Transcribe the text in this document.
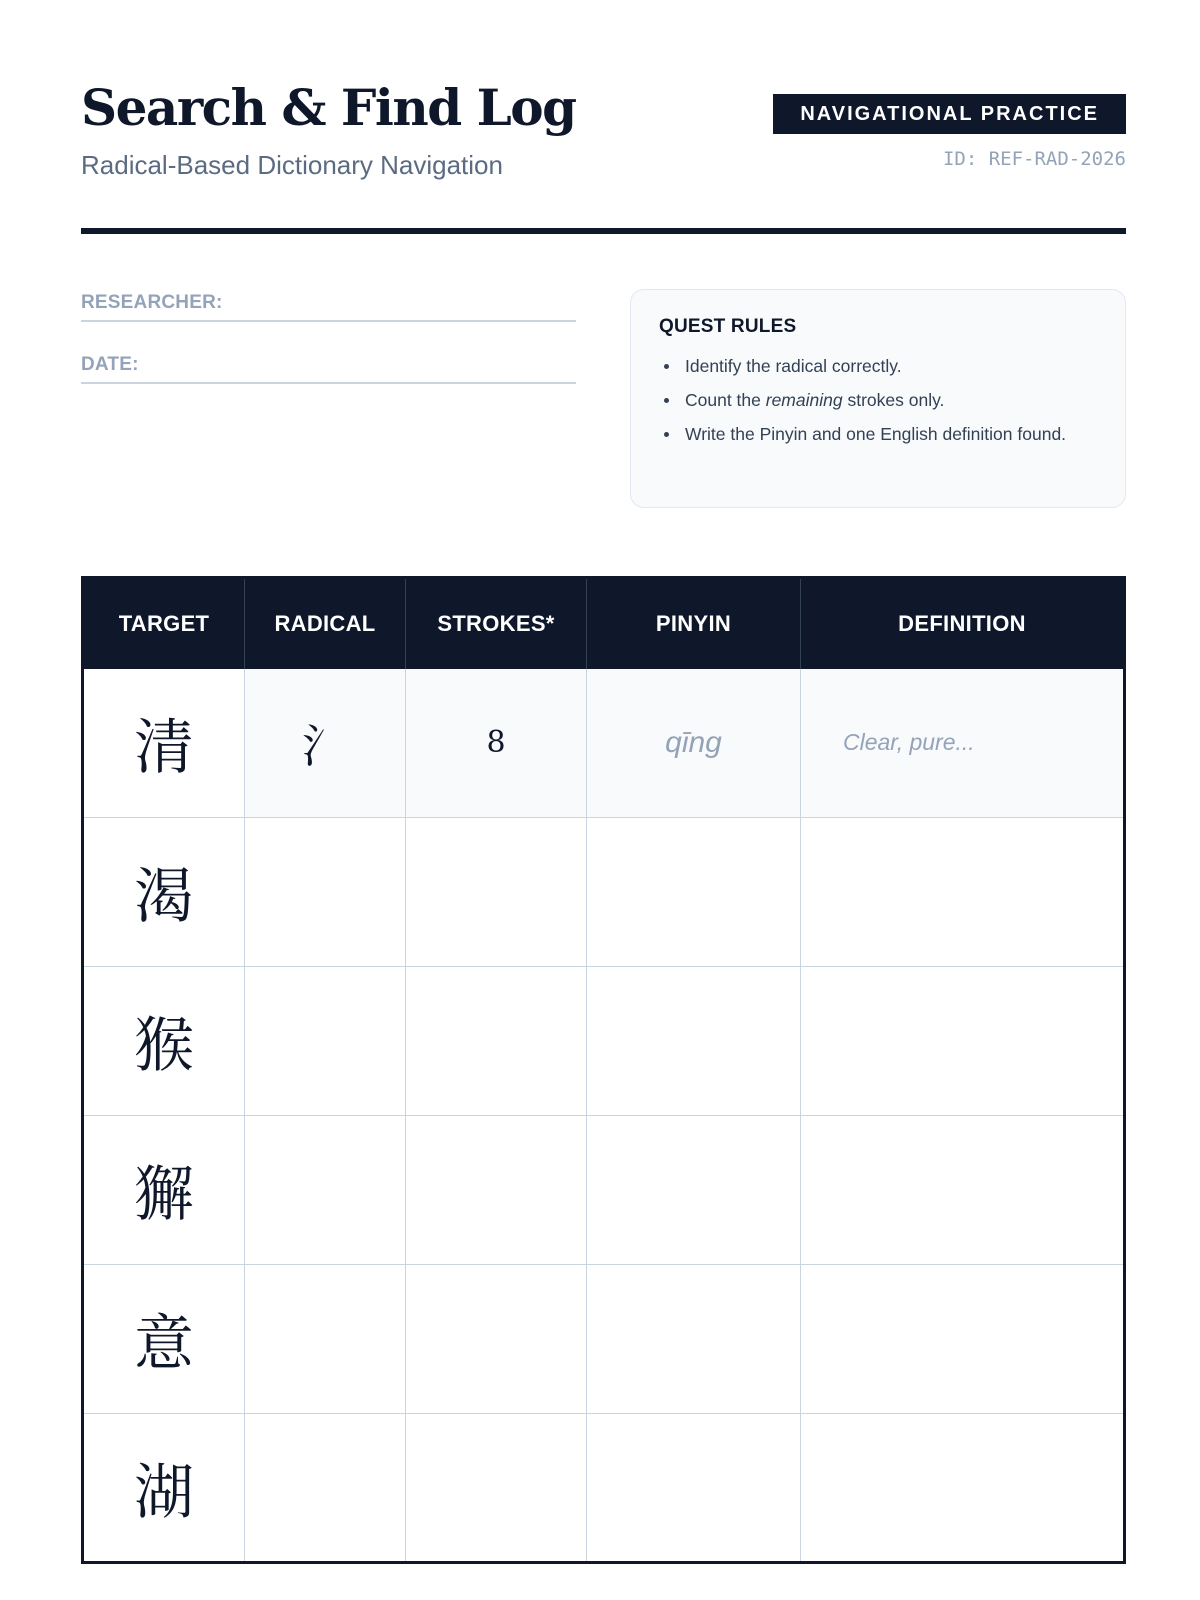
Search & Find Log
Radical-Based Dictionary Navigation
NAVIGATIONAL PRACTICE
ID: REF-RAD-2026
RESEARCHER:
DATE:
QUEST RULES
Identify the radical correctly.
Count the remaining strokes only.
Write the Pinyin and one English definition found.
TARGET	RADICAL	STROKES*	PINYIN	DEFINITION
清	氵	8	qīng	Clear, pure...
渴				
猴				
獬				
意				
湖				
